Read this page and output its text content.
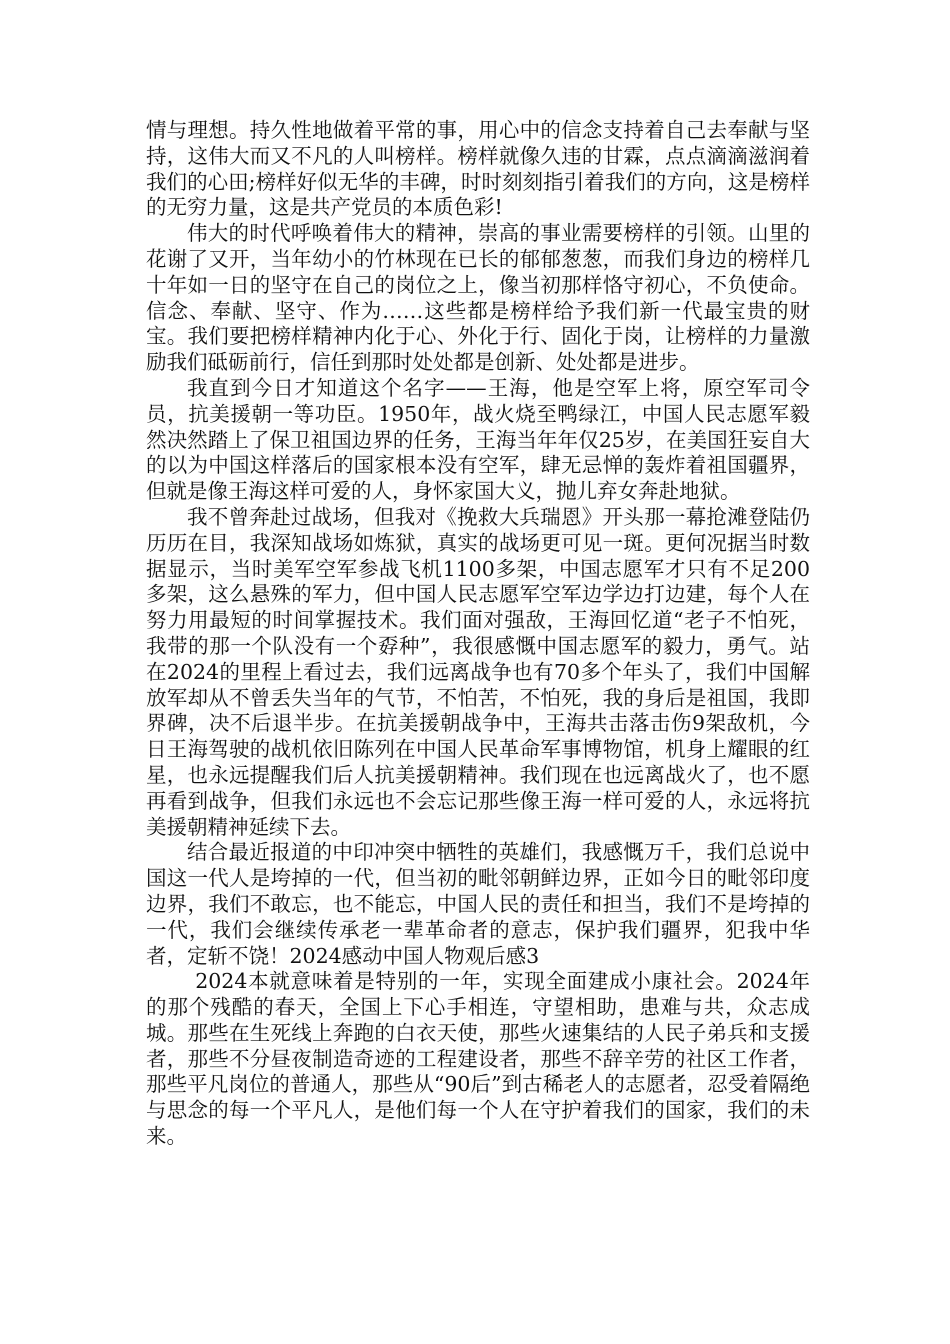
情与理想。持久性地做着平常的事，用心中的信念支持着自己去奉献与坚持，这伟大而又不凡的人叫榜样。榜样就像久违的甘霖，点点滴滴滋润着我们的心田;榜样好似无华的丰碑，时时刻刻指引着我们的方向，这是榜样的无穷力量，这是共产党员的本质色彩!

伟大的时代呼唤着伟大的精神，崇高的事业需要榜样的引领。山里的花谢了又开，当年幼小的竹林现在已长的郁郁葱葱，而我们身边的榜样几十年如一日的坚守在自己的岗位之上，像当初那样恪守初心，不负使命。信念、奉献、坚守、作为……这些都是榜样给予我们新一代最宝贵的财宝。我们要把榜样精神内化于心、外化于行、固化于岗，让榜样的力量激励我们砥砺前行，信任到那时处处都是创新、处处都是进步。

我直到今日才知道这个名字——王海，他是空军上将，原空军司令员，抗美援朝一等功臣。1950年，战火烧至鸭绿江，中国人民志愿军毅然决然踏上了保卫祖国边界的任务，王海当年年仅25岁，在美国狂妄自大的以为中国这样落后的国家根本没有空军，肆无忌惮的轰炸着祖国疆界，但就是像王海这样可爱的人，身怀家国大义，抛儿弃女奔赴地狱。

我不曾奔赴过战场，但我对《挽救大兵瑞恩》开头那一幕抢滩登陆仍历历在目，我深知战场如炼狱，真实的战场更可见一斑。更何况据当时数据显示，当时美军空军参战飞机1100多架，中国志愿军才只有不足200多架，这么悬殊的军力，但中国人民志愿军空军边学边打边建，每个人在努力用最短的时间掌握技术。我们面对强敌，王海回忆道“老子不怕死，我带的那一个队没有一个孬种”，我很感慨中国志愿军的毅力，勇气。站在2024的里程上看过去，我们远离战争也有70多个年头了，我们中国解放军却从不曾丢失当年的气节，不怕苦，不怕死，我的身后是祖国，我即界碑，决不后退半步。在抗美援朝战争中，王海共击落击伤9架敌机，今日王海驾驶的战机依旧陈列在中国人民革命军事博物馆，机身上耀眼的红星，也永远提醒我们后人抗美援朝精神。我们现在也远离战火了，也不愿再看到战争，但我们永远也不会忘记那些像王海一样可爱的人，永远将抗美援朝精神延续下去。

结合最近报道的中印冲突中牺牲的英雄们，我感慨万千，我们总说中国这一代人是垮掉的一代，但当初的毗邻朝鲜边界，正如今日的毗邻印度边界，我们不敢忘，也不能忘，中国人民的责任和担当，我们不是垮掉的一代，我们会继续传承老一辈革命者的意志，保护我们疆界，犯我中华者，定斩不饶！2024感动中国人物观后感3

2024本就意味着是特别的一年，实现全面建成小康社会。2024年的那个残酷的春天，全国上下心手相连，守望相助，患难与共，众志成城。那些在生死线上奔跑的白衣天使，那些火速集结的人民子弟兵和支援者，那些不分昼夜制造奇迹的工程建设者，那些不辞辛劳的社区工作者，那些平凡岗位的普通人，那些从“90后”到古稀老人的志愿者，忍受着隔绝与思念的每一个平凡人，是他们每一个人在守护着我们的国家，我们的未来。
